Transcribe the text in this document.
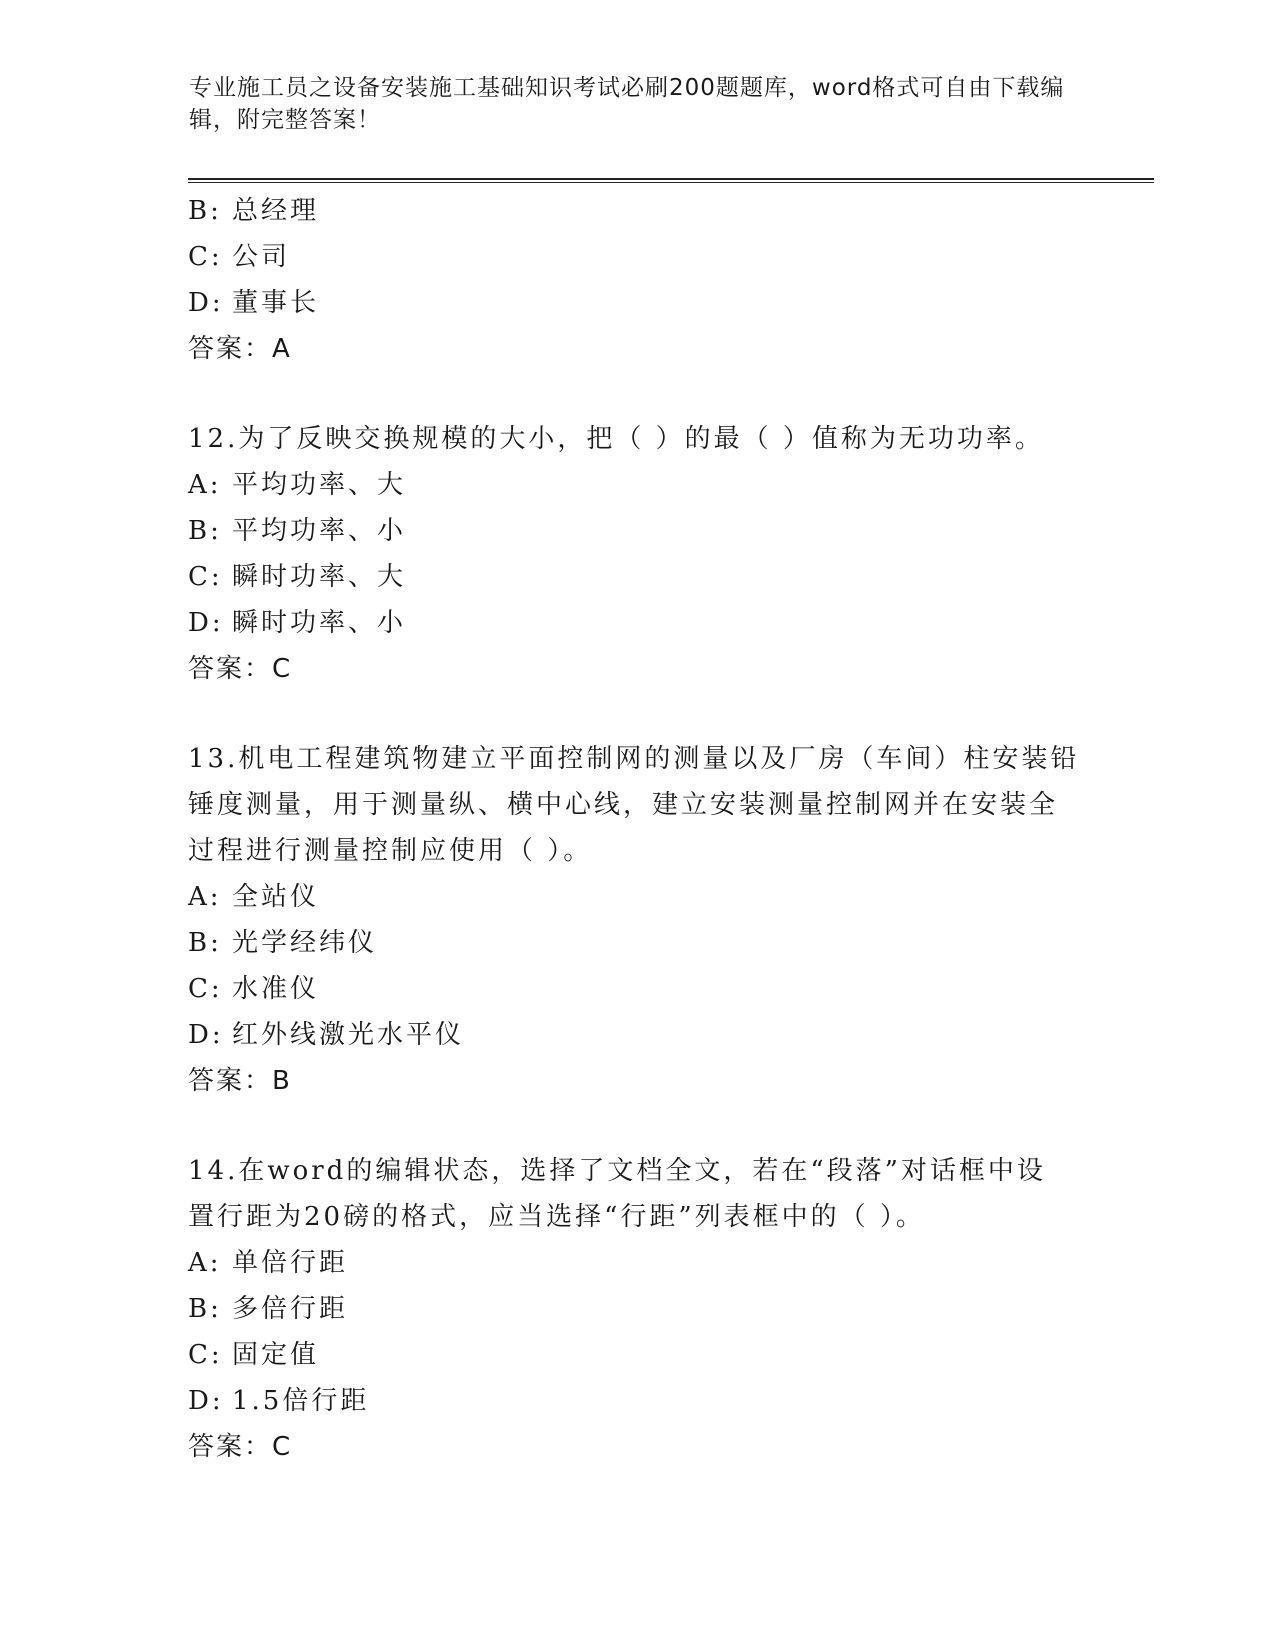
专业施工员之设备安装施工基础知识考试必刷200题题库，word格式可自由下载编辑，附完整答案！
B: 总经理
C: 公司
D: 董事长
答案：A
12.为了反映交换规模的大小，把（ ）的最（ ）值称为无功功率。
A: 平均功率、大
B: 平均功率、小
C: 瞬时功率、大
D: 瞬时功率、小
答案：C
13.机电工程建筑物建立平面控制网的测量以及厂房（车间）柱安装铅
锤度测量，用于测量纵、横中心线，建立安装测量控制网并在安装全
过程进行测量控制应使用（ ）。
A: 全站仪
B: 光学经纬仪
C: 水准仪
D: 红外线激光水平仪
答案：B
14.在word的编辑状态，选择了文档全文，若在“段落”对话框中设
置行距为20磅的格式，应当选择“行距”列表框中的（ ）。
A: 单倍行距
B: 多倍行距
C: 固定值
D: 1.5倍行距
答案：C
